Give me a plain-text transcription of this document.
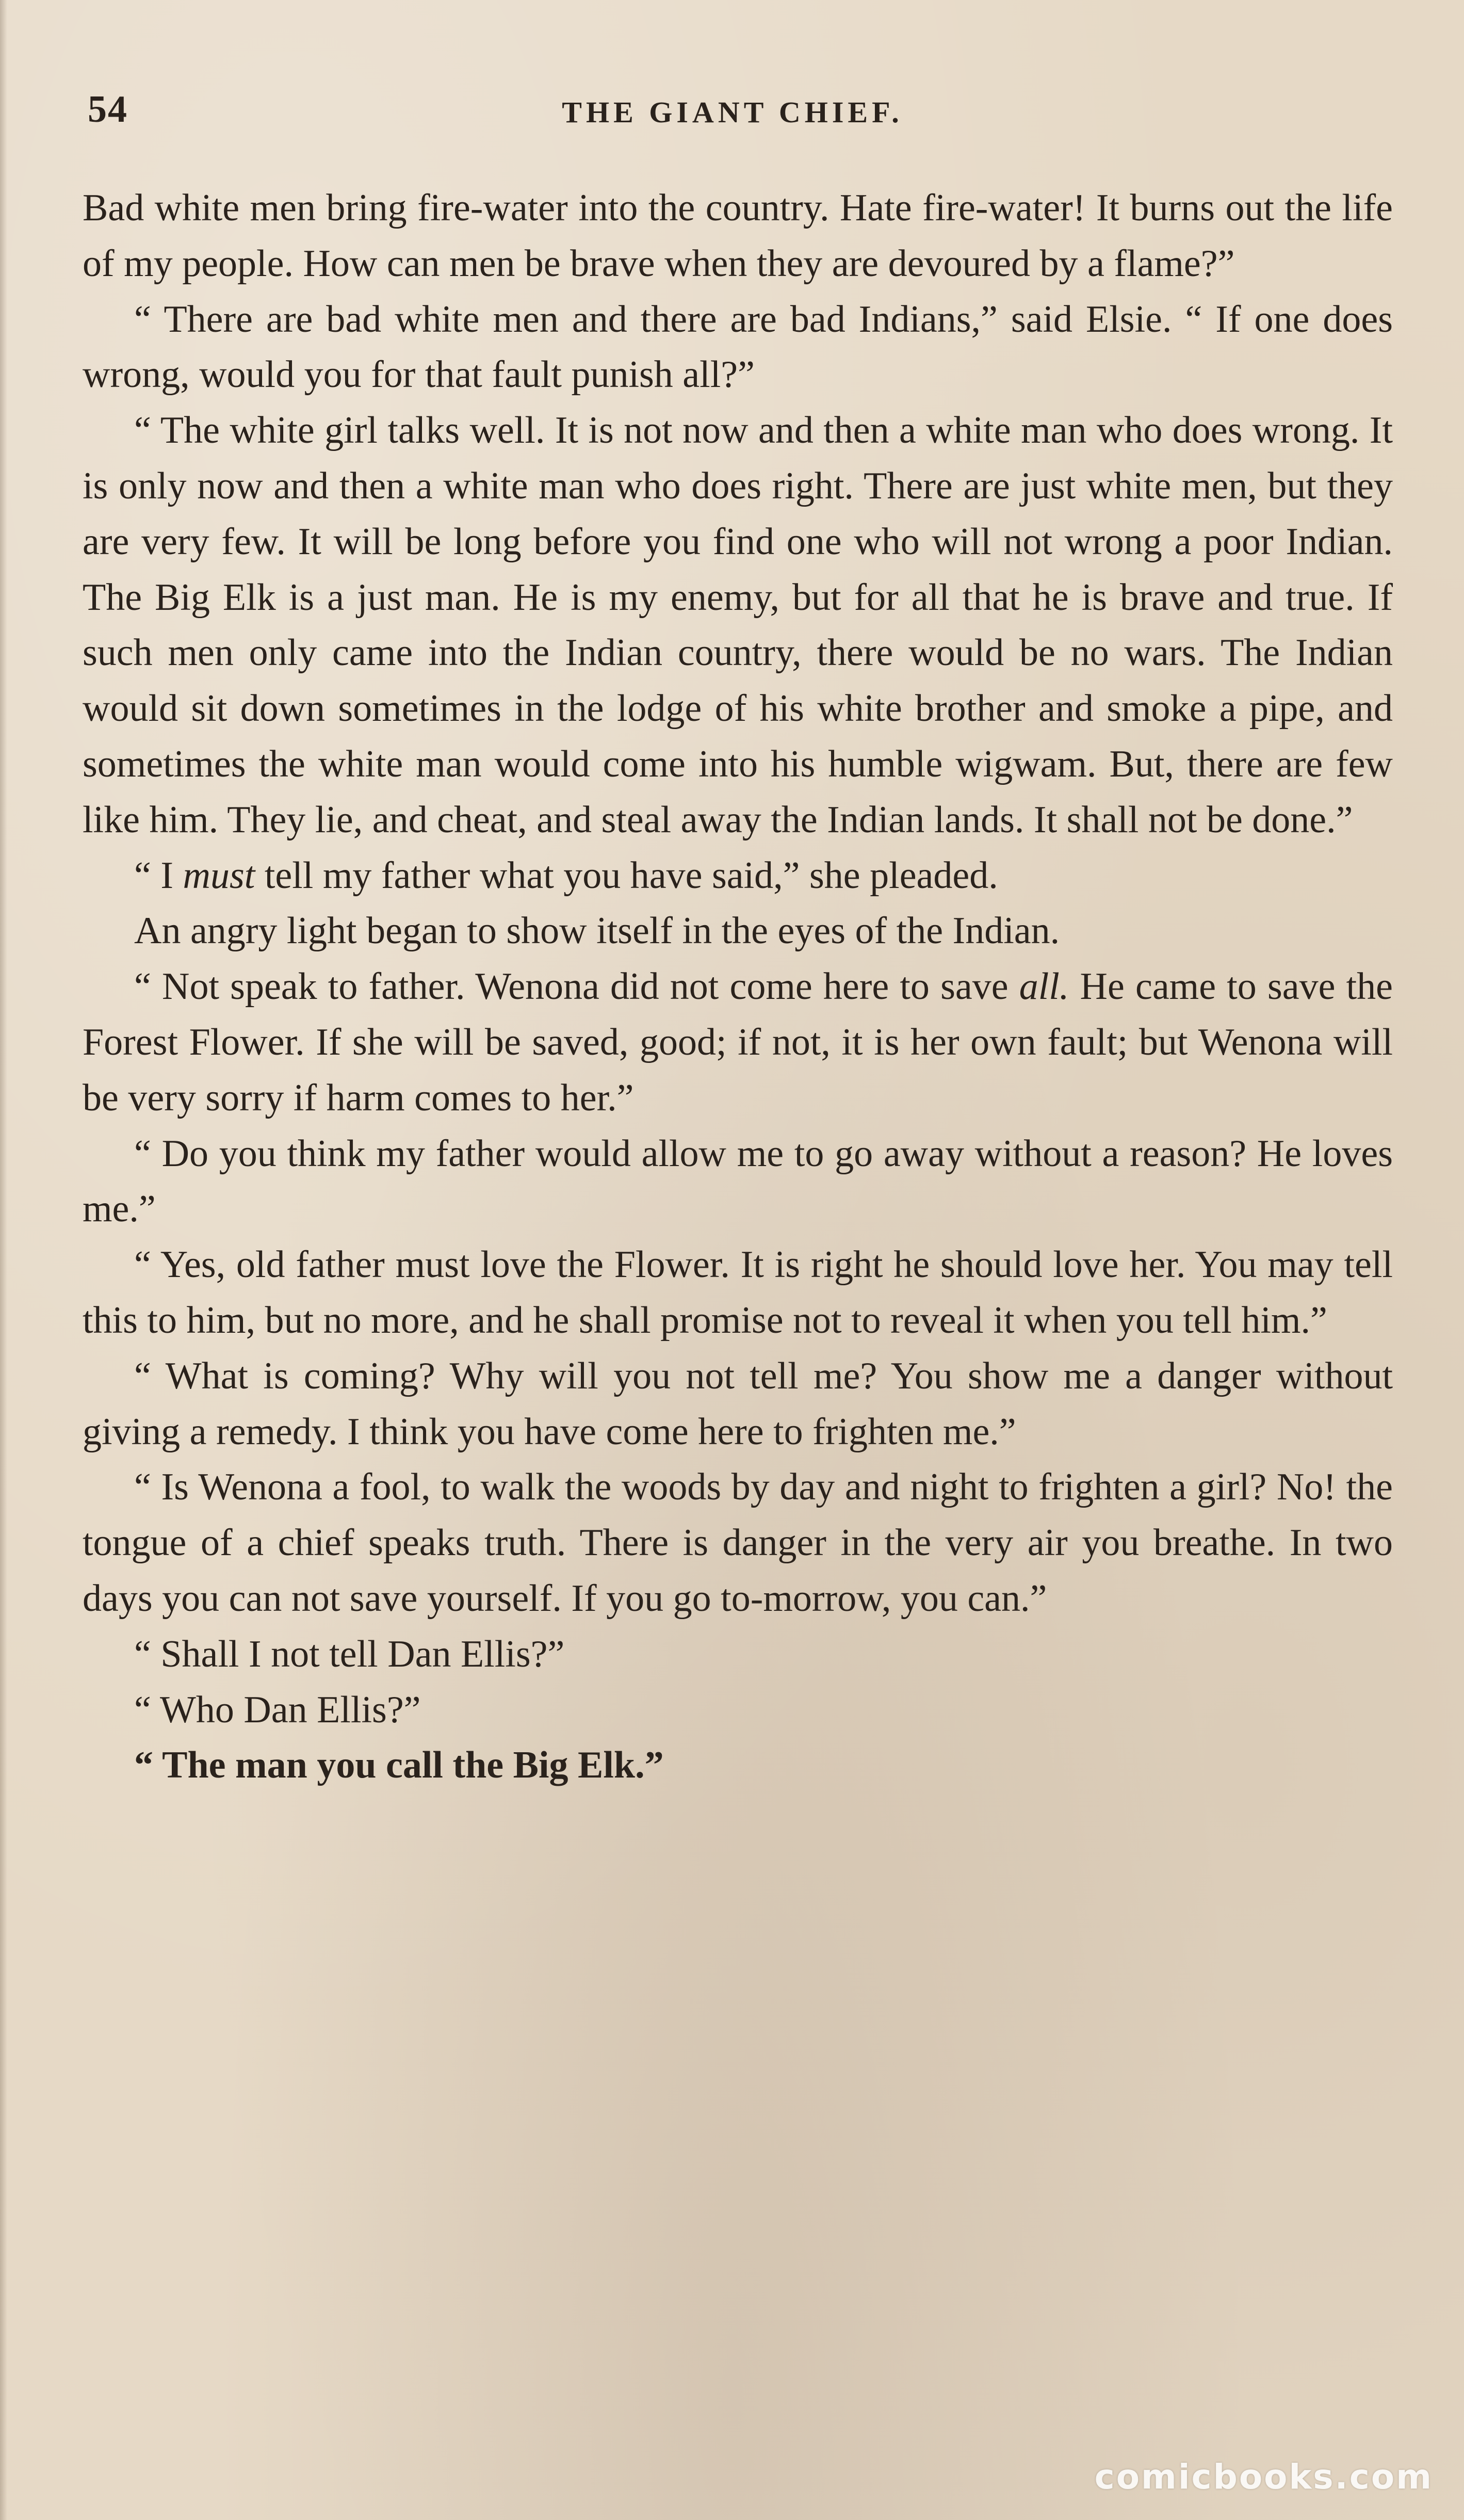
54	THE GIANT CHIEF.

Bad white men bring fire-water into the country. Hate fire-water! It burns out the life of my people. How can men be brave when they are devoured by a flame?”

“ There are bad white men and there are bad Indians,” said Elsie. “ If one does wrong, would you for that fault punish all?”

“ The white girl talks well. It is not now and then a white man who does wrong. It is only now and then a white man who does right. There are just white men, but they are very few. It will be long before you find one who will not wrong a poor Indian. The Big Elk is a just man. He is my enemy, but for all that he is brave and true. If such men only came into the Indian country, there would be no wars. The Indian would sit down sometimes in the lodge of his white brother and smoke a pipe, and sometimes the white man would come into his humble wigwam. But, there are few like him. They lie, and cheat, and steal away the Indian lands. It shall not be done.”

“ I must tell my father what you have said,” she pleaded.

An angry light began to show itself in the eyes of the Indian.

“ Not speak to father. Wenona did not come here to save all. He came to save the Forest Flower. If she will be saved, good; if not, it is her own fault; but Wenona will be very sorry if harm comes to her.”

“ Do you think my father would allow me to go away without a reason? He loves me.”

“ Yes, old father must love the Flower. It is right he should love her. You may tell this to him, but no more, and he shall promise not to reveal it when you tell him.”

“ What is coming? Why will you not tell me? You show me a danger without giving a remedy. I think you have come here to frighten me.”

“ Is Wenona a fool, to walk the woods by day and night to frighten a girl? No! the tongue of a chief speaks truth. There is danger in the very air you breathe. In two days you can not save yourself. If you go to-morrow, you can.”

“ Shall I not tell Dan Ellis?”

“ Who Dan Ellis?”

“ The man you call the Big Elk.”

comicbooks.com
